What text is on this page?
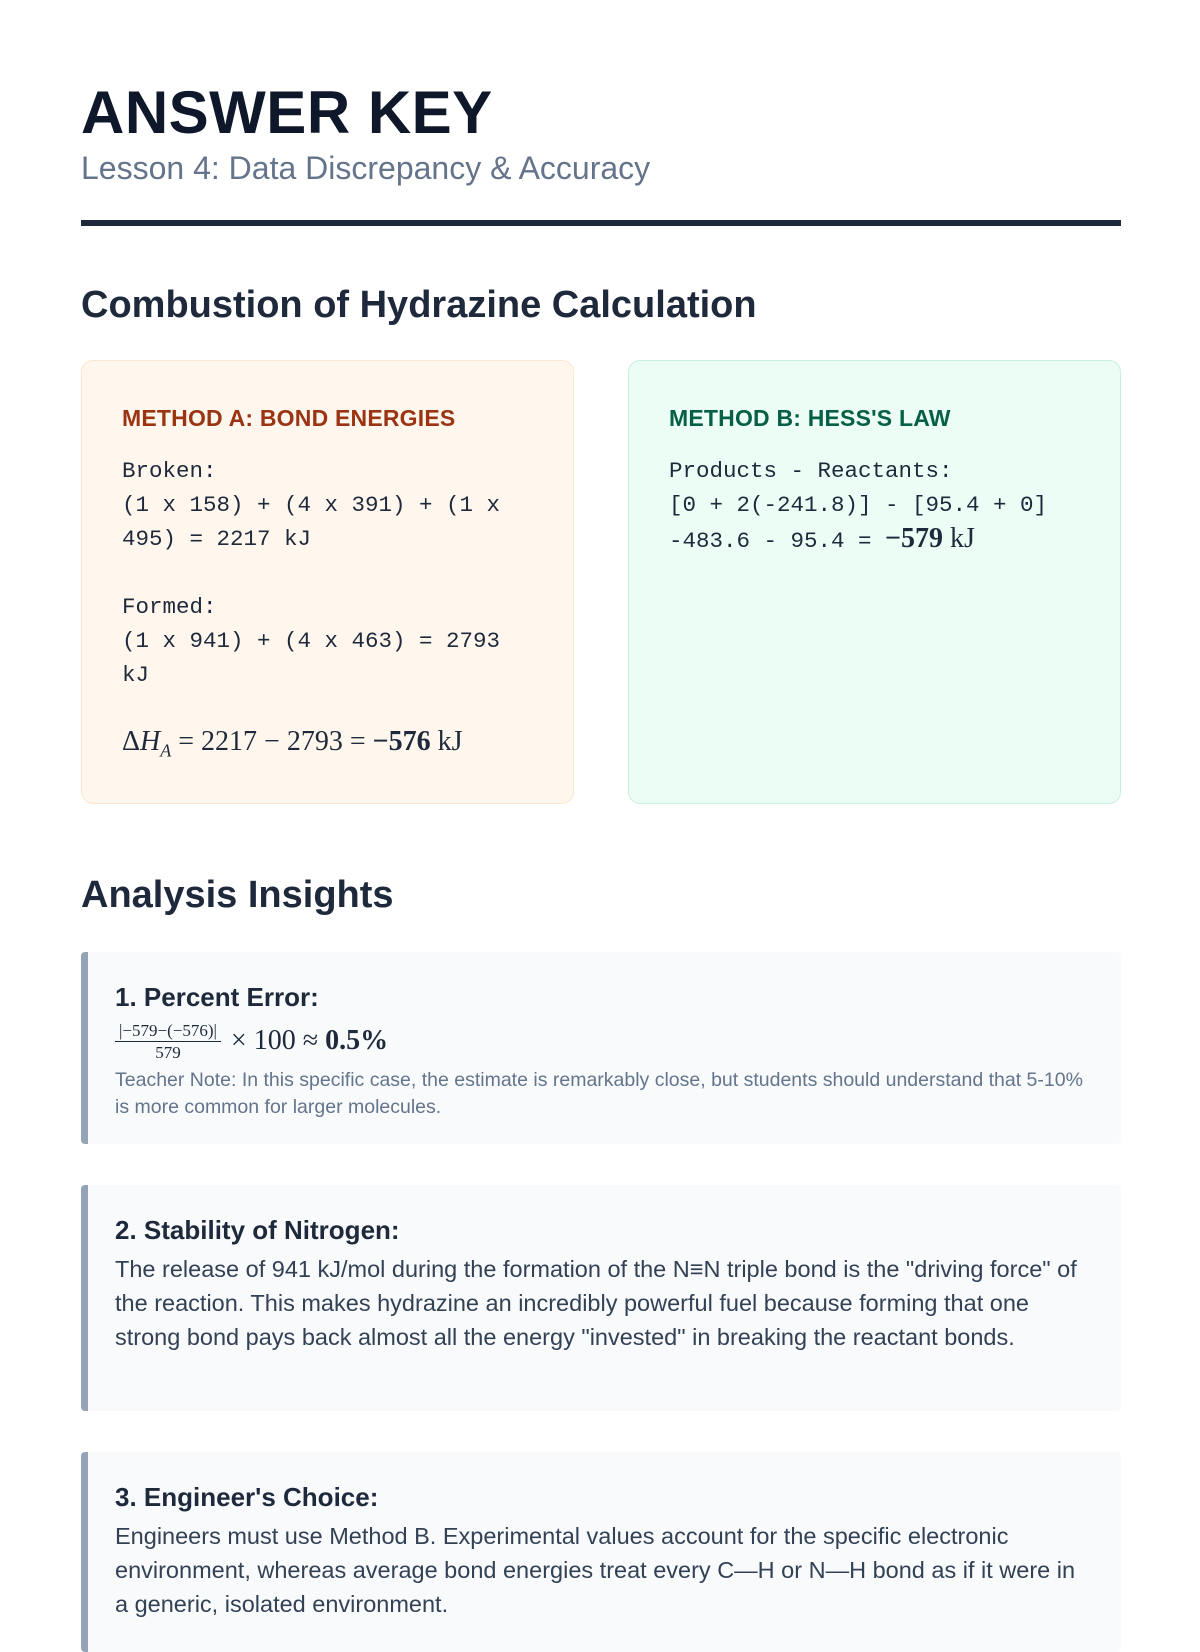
ANSWER KEY
Lesson 4: Data Discrepancy & Accuracy
Combustion of Hydrazine Calculation
METHOD A: BOND ENERGIES
Broken:
(1 x 158) + (4 x 391) + (1 x
495) = 2217 kJ
Formed:
(1 x 941) + (4 x 463) = 2793
kJ
$\Delta H_A = 2217 - 2793 = -576$ kJ
METHOD B: HESS'S LAW
Products - Reactants:
[0 + 2(-241.8)] - [95.4 + 0]
-483.6 - 95.4 = −579 kJ
Analysis Insights
1. Percent Error:
$\frac{|-579-(-576)|}{579} \times 100$ ≈
0.5%
Teacher Note: In this specific case, the estimate is remarkably close, but students should understand that 5-10% is more common for larger molecules.
2. Stability of Nitrogen:
The release of 941 kJ/mol during the formation of the N≡N triple bond is the "driving force" of the reaction. This makes hydrazine an incredibly powerful fuel because forming that one strong bond pays back almost all the energy "invested" in breaking the reactant bonds.
3. Engineer's Choice:
Engineers must use Method B. Experimental values account for the specific electronic environment, whereas average bond energies treat every C—H or N—H bond as if it were in a generic, isolated environment.
